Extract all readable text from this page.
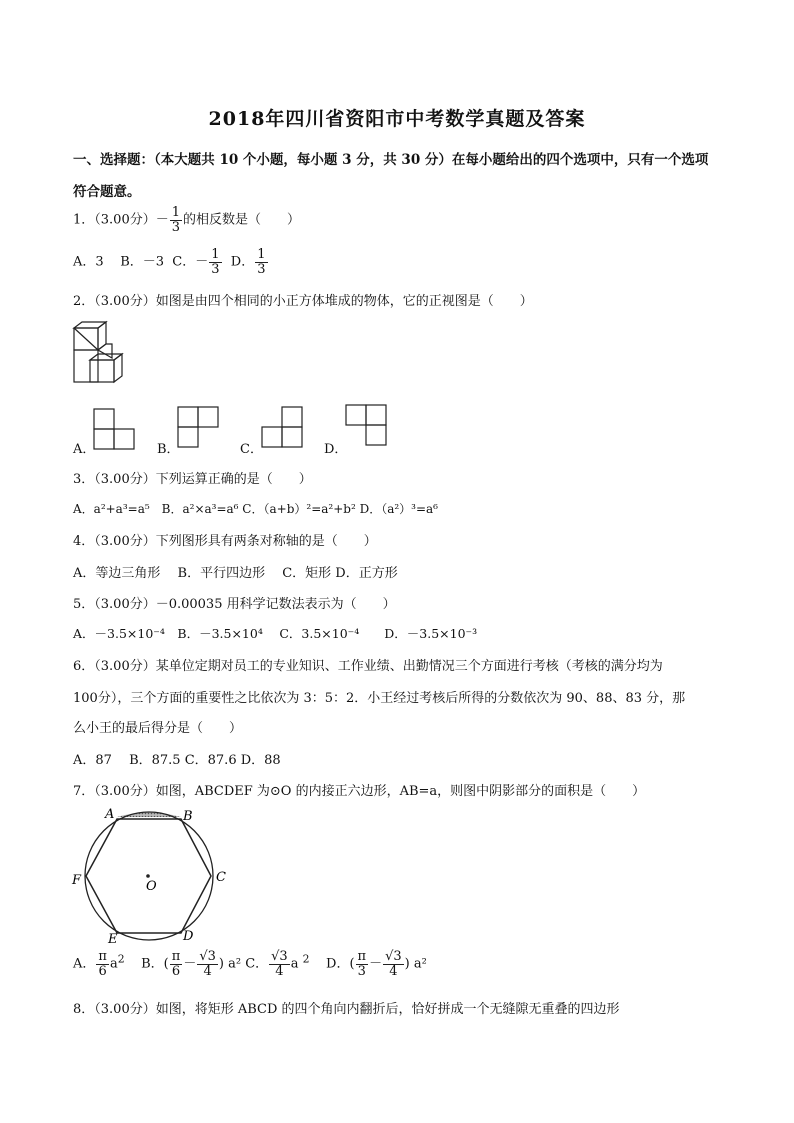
2018年四川省资阳市中考数学真题及答案
一、选择题：（本大题共 10 个小题，每小题 3 分，共 30 分）在每小题给出的四个选项中，只有一个选项
符合题意。
1．（3.00分）－ $\frac{1}{3}$ 的相反数是（　　）
A．3 B．－3 C．－ $\frac{1}{3}$ D． $\frac{1}{3}$
2．（3.00分）如图是由四个相同的小正方体堆成的物体，它的正视图是（　　）
A．	B．	C．	D．
3．（3.00分）下列运算正确的是（　　）
A．a²+a³=a⁵　B．a²×a³=a⁶ C．（a+b）²=a²+b² D．（a²）³=a⁶
4．（3.00分）下列图形具有两条对称轴的是（　　）
A．等边三角形　 B．平行四边形　 C．矩形 D．正方形
5．（3.00分）－0.00035 用科学记数法表示为（　　）
A．－3.5×10⁻⁴　B．－3.5×10⁴　 C．3.5×10⁻⁴　　D．－3.5×10⁻³
6．（3.00分）某单位定期对员工的专业知识、工作业绩、出勤情况三个方面进行考核（考核的满分均为
100分），三个方面的重要性之比依次为 3：5：2．小王经过考核后所得的分数依次为 90、88、83 分，那
么小王的最后得分是（　　）
A．87　 B．87.5 C．87.6 D．88
7．（3.00分）如图，ABCDEF 为⊙O 的内接正六边形，AB=a，则图中阴影部分的面积是（　　）
A	B
C
D
E
F	O
A． $\frac{\pi}{6} a^2$ B．( $\frac{\pi}{6} - \frac{√3}{4}$ ) a² C． $\frac{√3}{4}$ a $^2$ D．( $\frac{\pi}{3} - \frac{√3}{4}$ ) a²
8．（3.00分）如图，将矩形 ABCD 的四个角向内翻折后，恰好拼成一个无缝隙无重叠的四边形
